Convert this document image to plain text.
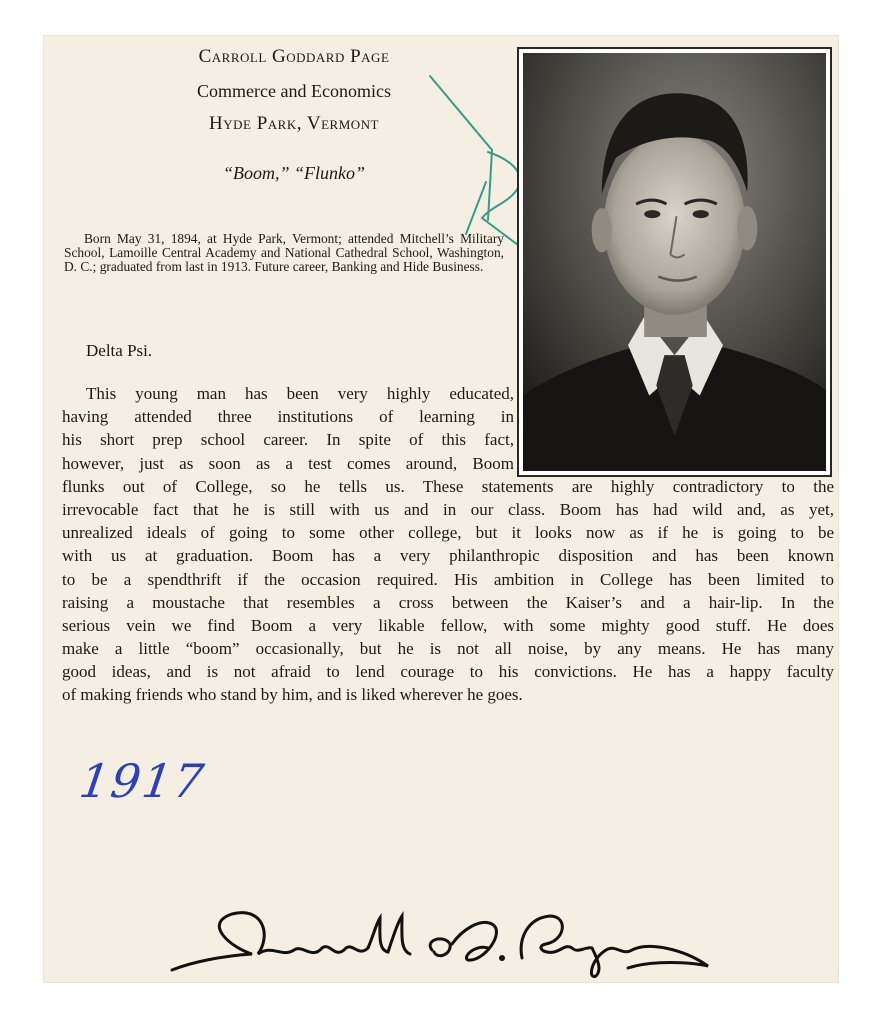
Carroll Goddard Page
Commerce and Economics
Hyde Park, Vermont
“Boom,” “Flunko”
Born May 31, 1894, at Hyde Park, Vermont; attended Mitchell’s Military School, Lamoille Central Academy and National Cathedral School, Washington, D. C.; graduated from last in 1913. Future career, Banking and Hide Business.
Delta Psi.
This young man has been very highly educated,
having attended three institutions of learning in
his short prep school career. In spite of this fact,
however, just as soon as a test comes around, Boom
flunks out of College, so he tells us. These statements are highly contradictory to the
irrevocable fact that he is still with us and in our class. Boom has had wild and, as yet,
unrealized ideals of going to some other college, but it looks now as if he is going to be
with us at graduation. Boom has a very philanthropic disposition and has been known
to be a spendthrift if the occasion required. His ambition in College has been limited to
raising a moustache that resembles a cross between the Kaiser’s and a hair-lip. In the
serious vein we find Boom a very likable fellow, with some mighty good stuff. He does
make a little “boom” occasionally, but he is not all noise, by any means. He has many
good ideas, and is not afraid to lend courage to his convictions. He has a happy faculty
of making friends who stand by him, and is liked wherever he goes.
1917
